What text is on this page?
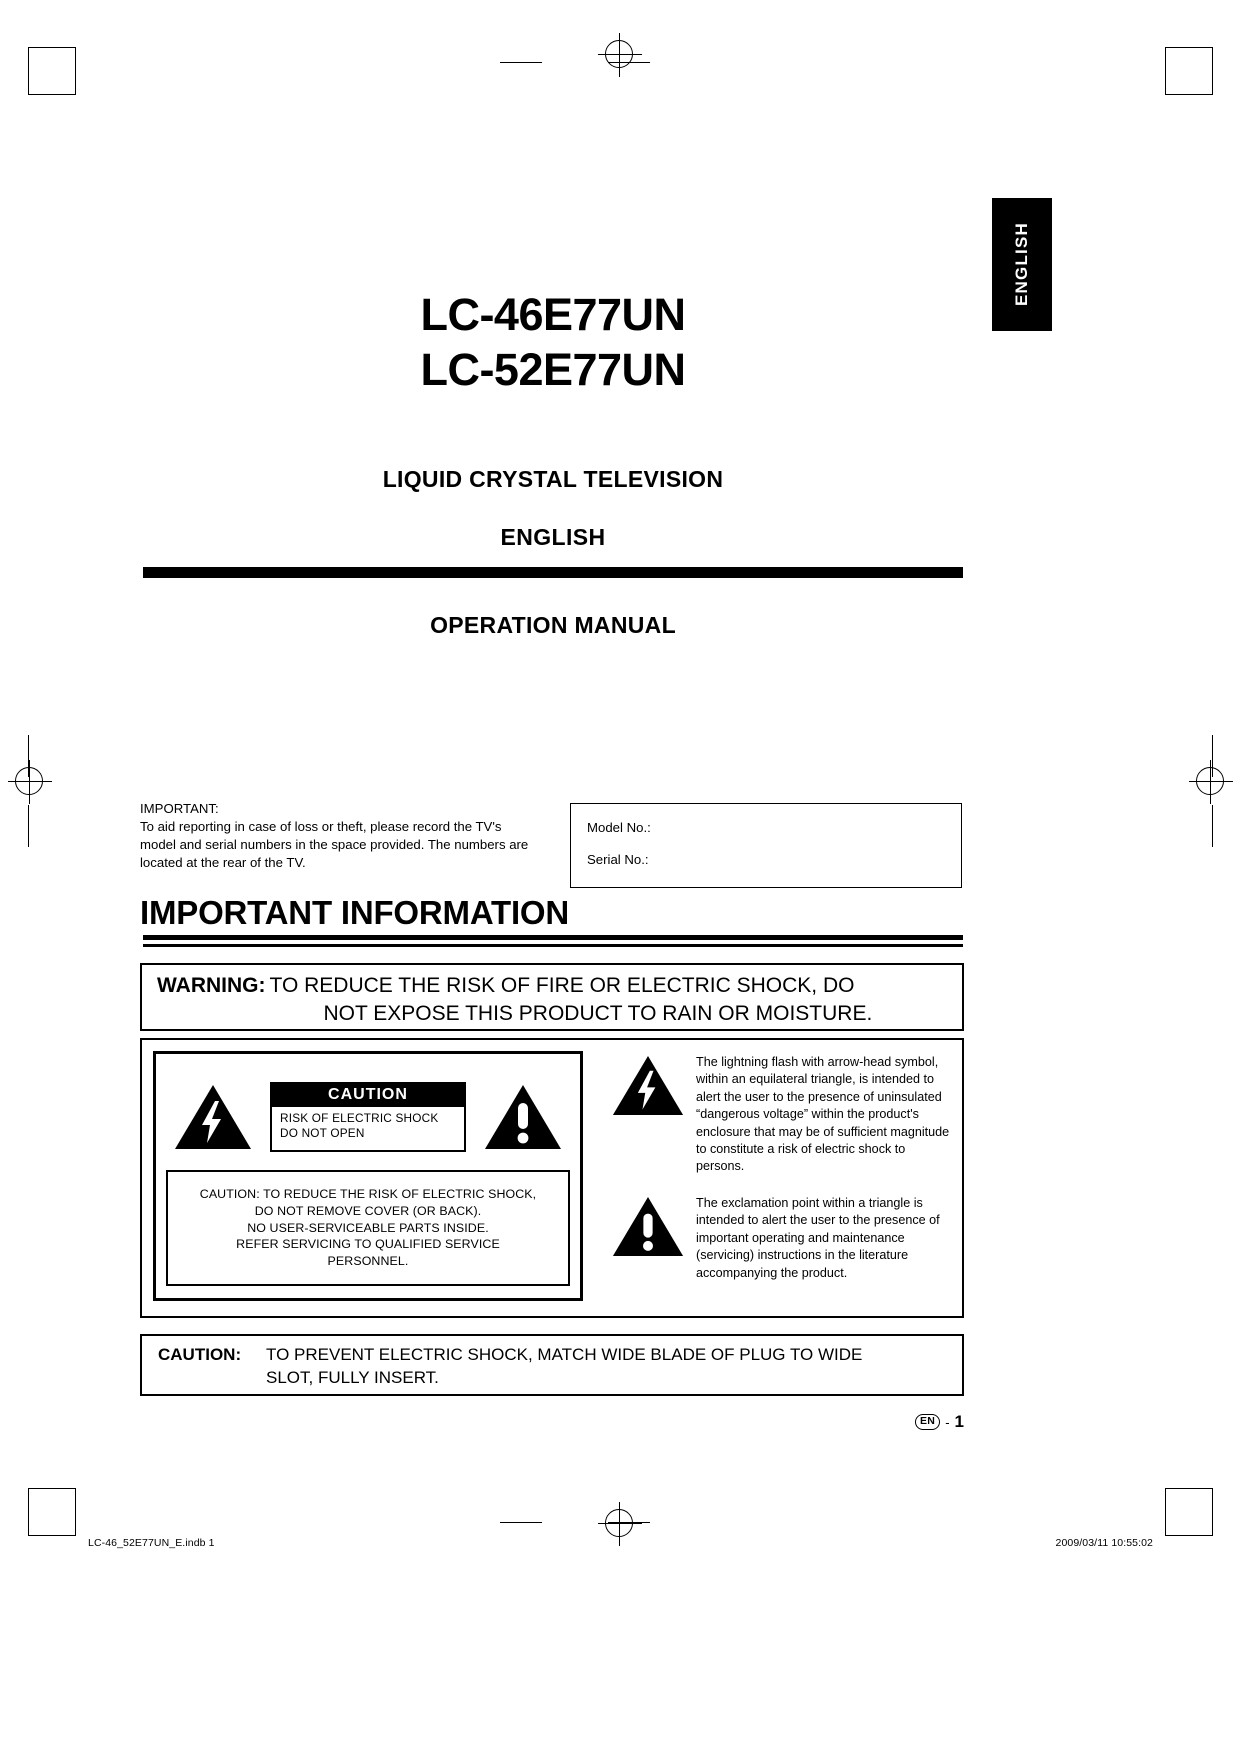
ENGLISH
LC-46E77UN
LC-52E77UN
LIQUID CRYSTAL TELEVISION
ENGLISH
OPERATION MANUAL
IMPORTANT:
To aid reporting in case of loss or theft, please record the TV's model and serial numbers in the space provided. The numbers are located at the rear of the TV.
Model No.:
Serial No.:
IMPORTANT INFORMATION
WARNING: TO REDUCE THE RISK OF FIRE OR ELECTRIC SHOCK, DO
NOT EXPOSE THIS PRODUCT TO RAIN OR MOISTURE.
CAUTION
RISK OF ELECTRIC SHOCK
DO NOT OPEN

CAUTION: TO REDUCE THE RISK OF ELECTRIC SHOCK,
DO NOT REMOVE COVER (OR BACK).
NO USER-SERVICEABLE PARTS INSIDE.
REFER SERVICING TO QUALIFIED SERVICE
PERSONNEL.

The lightning flash with arrow-head symbol, within an equilateral triangle, is intended to alert the user to the presence of uninsulated “dangerous voltage” within the product's enclosure that may be of sufficient magnitude to constitute a risk of electric shock to persons.
The exclamation point within a triangle is intended to alert the user to the presence of important operating and maintenance (servicing) instructions in the literature accompanying the product.
CAUTION:	TO PREVENT ELECTRIC SHOCK, MATCH WIDE BLADE OF PLUG TO WIDE
SLOT, FULLY INSERT.
EN - 1
LC-46_52E77UN_E.indb 1	2009/03/11 10:55:02
